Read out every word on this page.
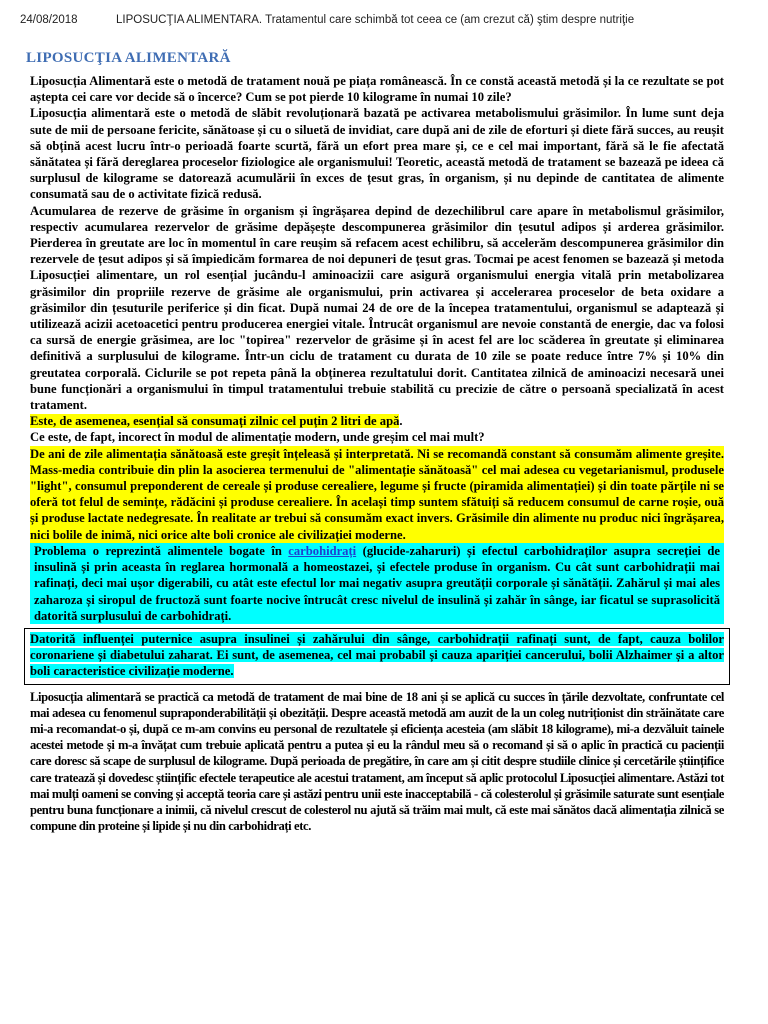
24/08/2018	LIPOSUCŢIA ALIMENTARĂ. Tratamentul care schimbă tot ceea ce (am crezut că) ştim despre nutriţie
LIPOSUCŢIA ALIMENTARĂ

Liposucția Alimentară este o metodă de tratament nouă pe piața românească. În ce constă această metodă și la ce rezultate se pot aștepta cei care vor decide să o încerce? Cum se pot pierde 10 kilograme în numai 10 zile?

Liposucția alimentară este o metodă de slăbit revoluționară bazată pe activarea metabolismului grăsimilor. În lume sunt deja sute de mii de persoane fericite, sănătoase și cu o siluetă de invidiat, care după ani de zile de eforturi și diete fără succes, au reușit să obțină acest lucru într-o perioadă foarte scurtă, fără un efort prea mare și, ce e cel mai important, fără să le fie afectată sănătatea și fără dereglarea proceselor fiziologice ale organismului! Teoretic, această metodă de tratament se bazează pe ideea că surplusul de kilograme se datorează acumulării în exces de țesut gras, în organism, și nu depinde de cantitatea de alimente consumată sau de o activitate fizică redusă.

Acumularea de rezerve de grăsime în organism și îngrășarea depind de dezechilibrul care apare în metabolismul grăsimilor, respectiv acumularea rezervelor de grăsime depășește descompunerea grăsimilor din țesutul adipos și arderea grăsimilor. Pierderea în greutate are loc în momentul în care reușim să refacem acest echilibru, să accelerăm descompunerea grăsimilor din rezervele de țesut adipos și să împiedicăm formarea de noi depuneri de țesut gras. Tocmai pe acest fenomen se bazează și metoda Liposucției alimentare, un rol esențial jucându-l aminoacizii care asigură organismului energia vitală prin metabolizarea grăsimilor din propriile rezerve de grăsime ale organismului, prin activarea și accelerarea proceselor de beta oxidare a grăsimilor din țesuturile periferice și din ficat. După numai 24 de ore de la începea tratamentului, organismul se adaptează și utilizează acizii acetoacetici pentru producerea energiei vitale. Întrucât organismul are nevoie constantă de energie, dac va folosi ca sursă de energie grăsimea, are loc "topirea" rezervelor de grăsime și în acest fel are loc scăderea în greutate și eliminarea definitivă a surplusului de kilograme. Într-un ciclu de tratament cu durata de 10 zile se poate reduce între 7% și 10% din greutatea corporală. Ciclurile se pot repeta până la obținerea rezultatului dorit. Cantitatea zilnică de aminoacizi necesară unei bune funcționări a organismului în timpul tratamentului trebuie stabilită cu precizie de către o persoană specializată în acest tratament.

Este, de asemenea, esențial să consumați zilnic cel puțin 2 litri de apă.

Ce este, de fapt, incorect în modul de alimentație modern, unde greșim cel mai mult?

De ani de zile alimentația sănătoasă este greșit înțeleasă și interpretată. Ni se recomandă constant să consumăm alimente greșite. Mass-media contribuie din plin la asocierea termenului de "alimentație sănătoasă" cel mai adesea cu vegetarianismul, produsele "light", consumul preponderent de cereale și produse cerealiere, legume și fructe (piramida alimentației) și din toate părțile ni se oferă tot felul de semințe, rădăcini și produse cerealiere. În același timp suntem sfătuiți să reducem consumul de carne roșie, ouă și produse lactate nedegresate. În realitate ar trebui să consumăm exact invers. Grăsimile din alimente nu produc nici îngrășarea, nici bolile de inimă, nici orice alte boli cronice ale civilizației moderne.

Problema o reprezintă alimentele bogate în carbohidrați (glucide-zaharuri) și efectul carbohidraților asupra secreției de insulină și prin aceasta în reglarea hormonală a homeostazei, și efectele produse în organism. Cu cât sunt carbohidrații mai rafinați, deci mai ușor digerabili, cu atât este efectul lor mai negativ asupra greutății corporale și sănătății. Zahărul și mai ales zaharoza și siropul de fructoză sunt foarte nocive întrucât cresc nivelul de insulină și zahăr în sânge, iar ficatul se suprasolicită datorită surplusului de carbohidrați.

Datorită influenței puternice asupra insulinei și zahărului din sânge, carbohidrații rafinați sunt, de fapt, cauza bolilor coronariene și diabetului zaharat. Ei sunt, de asemenea, cel mai probabil și cauza apariției cancerului, bolii Alzhaimer și a altor boli caracteristice civilizație moderne.

Liposucția alimentară se practică ca metodă de tratament de mai bine de 18 ani și se aplică cu succes în țările dezvoltate, confruntate cel mai adesea cu fenomenul supraponderabilității și obezității. Despre această metodă am auzit de la un coleg nutriționist din străinătate care mi-a recomandat-o și, după ce m-am convins eu personal de rezultatele și eficiența acesteia (am slăbit 18 kilograme), mi-a dezvăluit tainele acestei metode și m-a învățat cum trebuie aplicată pentru a putea și eu la rândul meu să o recomand și să o aplic în practică cu pacienții care doresc să scape de surplusul de kilograme. După perioada de pregătire, în care am și citit despre studiile clinice și cercetările științifice care tratează și dovedesc științific efectele terapeutice ale acestui tratament, am început să aplic protocolul Liposucției alimentare. Astăzi tot mai mulți oameni se conving și acceptă teoria care și astăzi pentru unii este inacceptabilă - că colesterolul și grăsimile saturate sunt esențiale pentru buna funcționare a inimii, că nivelul crescut de colesterol nu ajută să trăim mai mult, că este mai sănătos dacă alimentația zilnică se compune din proteine și lipide și nu din carbohidrați etc.
